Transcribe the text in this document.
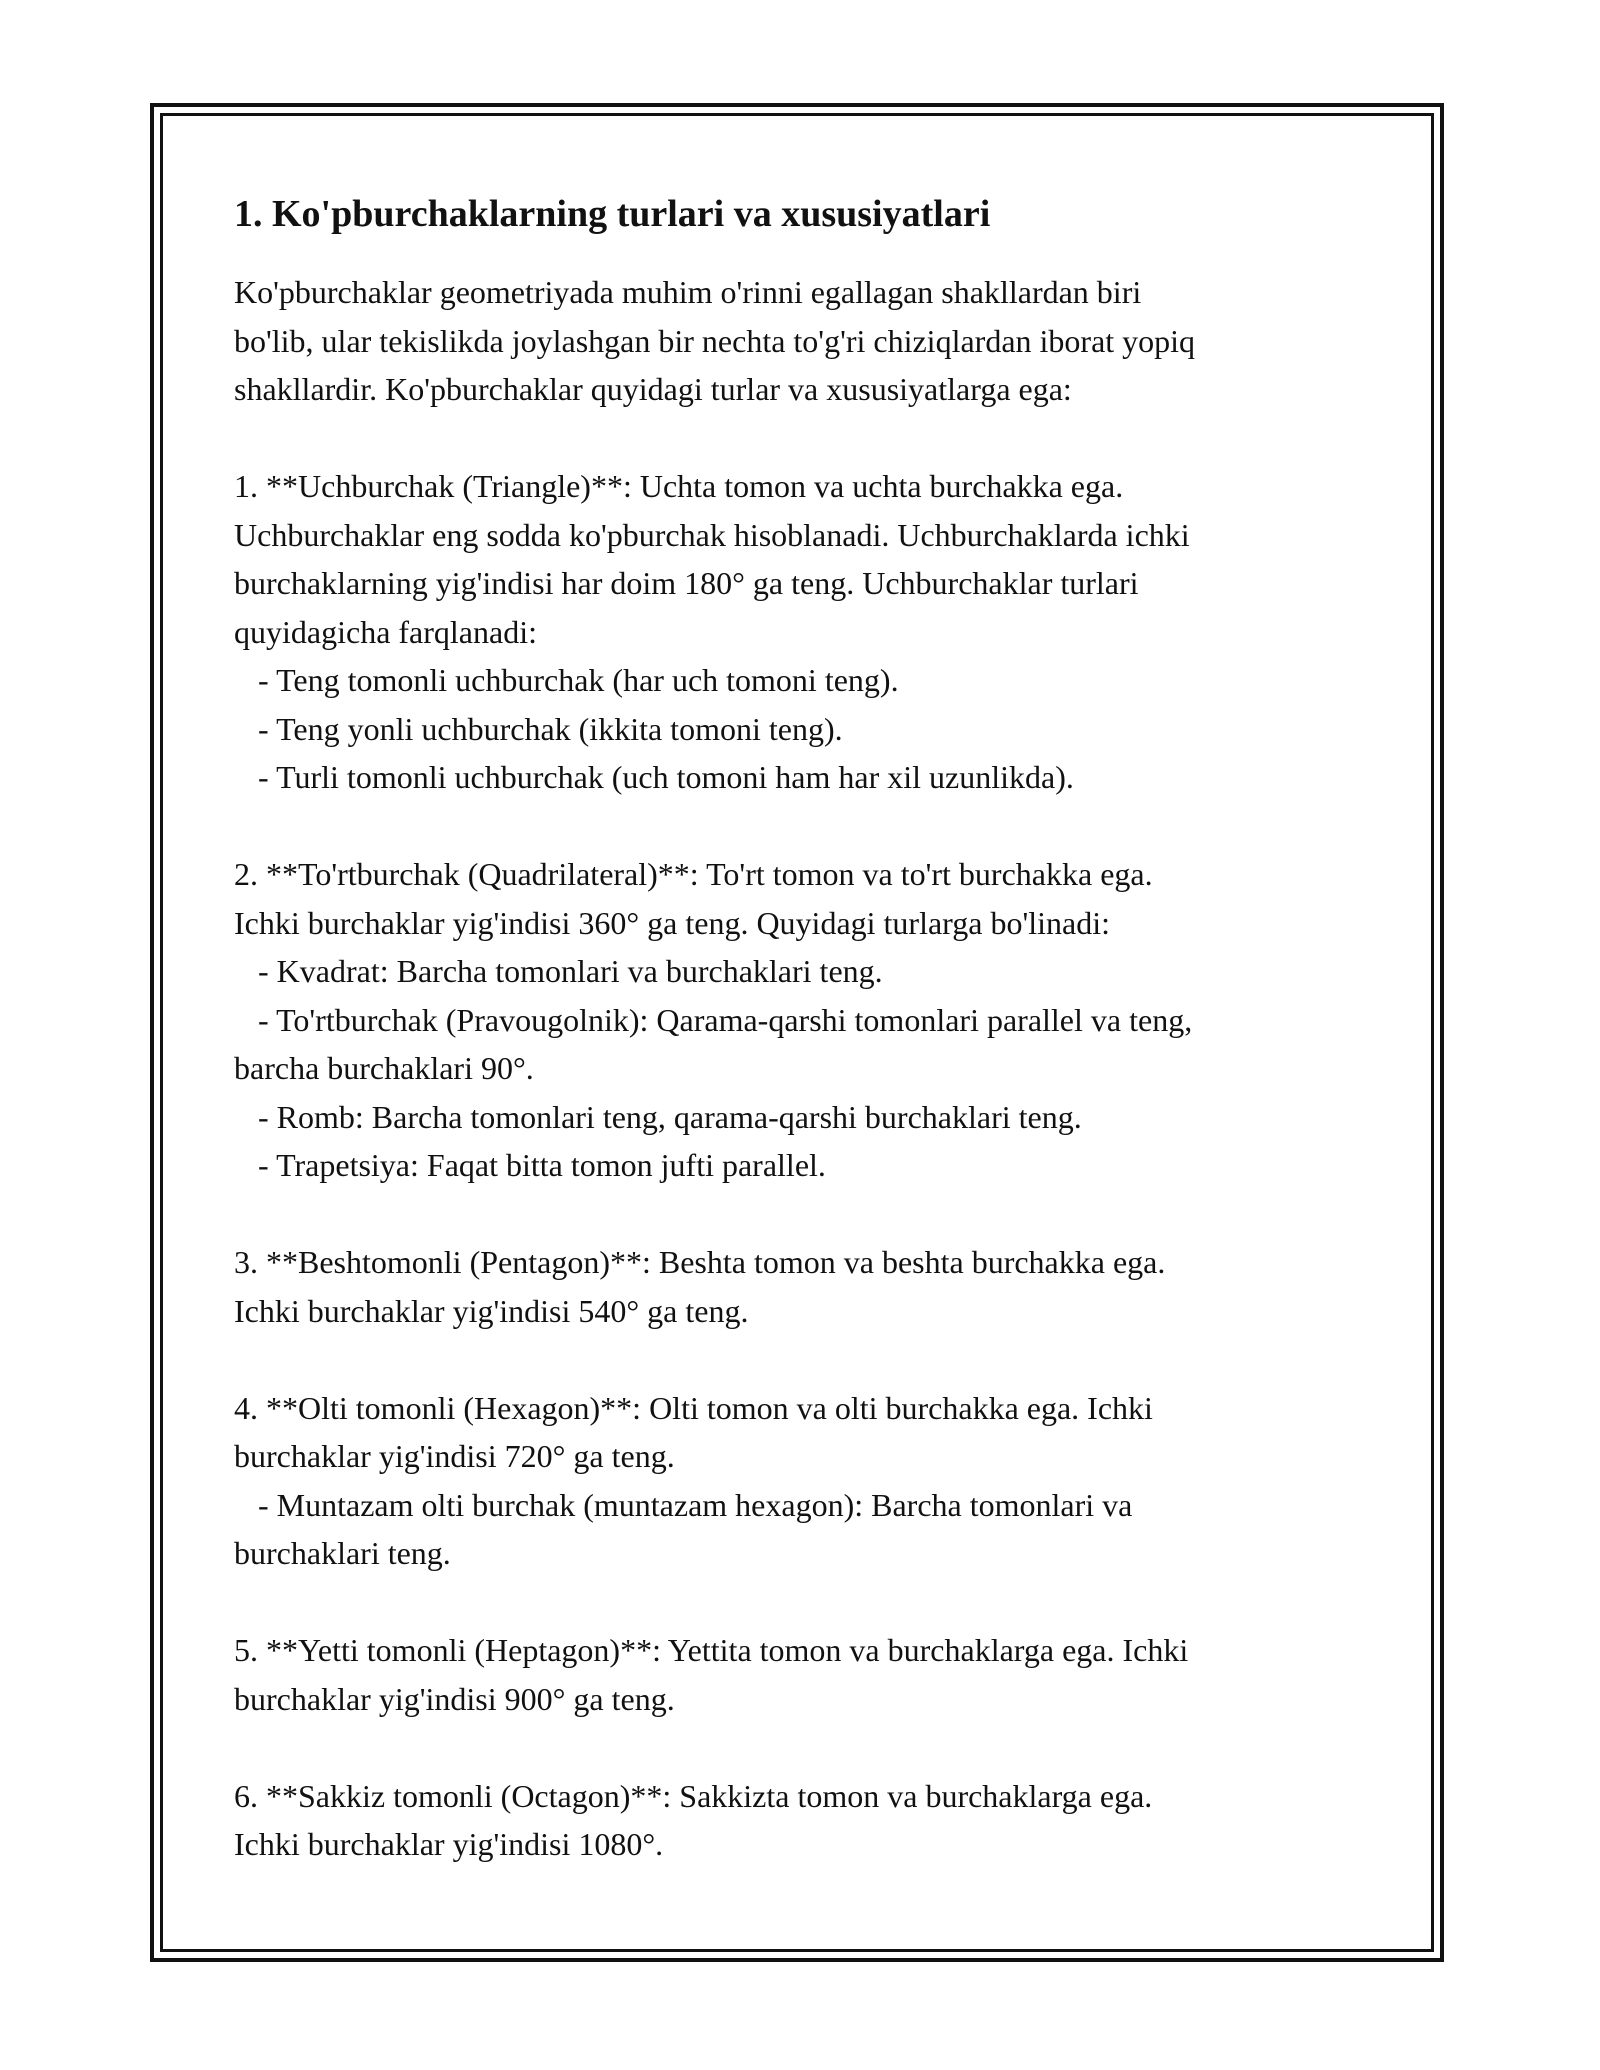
1. Ko'pburchaklarning turlari va xususiyatlari
Ko'pburchaklar geometriyada muhim o'rinni egallagan shakllardan biri
bo'lib, ular tekislikda joylashgan bir nechta to'g'ri chiziqlardan iborat yopiq
shakllardir. Ko'pburchaklar quyidagi turlar va xususiyatlarga ega:
1. **Uchburchak (Triangle)**: Uchta tomon va uchta burchakka ega.
Uchburchaklar eng sodda ko'pburchak hisoblanadi. Uchburchaklarda ichki
burchaklarning yig'indisi har doim 180° ga teng. Uchburchaklar turlari
quyidagicha farqlanadi:
- Teng tomonli uchburchak (har uch tomoni teng).
- Teng yonli uchburchak (ikkita tomoni teng).
- Turli tomonli uchburchak (uch tomoni ham har xil uzunlikda).
2. **To'rtburchak (Quadrilateral)**: To'rt tomon va to'rt burchakka ega.
Ichki burchaklar yig'indisi 360° ga teng. Quyidagi turlarga bo'linadi:
- Kvadrat: Barcha tomonlari va burchaklari teng.
- To'rtburchak (Pravougolnik): Qarama-qarshi tomonlari parallel va teng,
barcha burchaklari 90°.
- Romb: Barcha tomonlari teng, qarama-qarshi burchaklari teng.
- Trapetsiya: Faqat bitta tomon jufti parallel.
3. **Beshtomonli (Pentagon)**: Beshta tomon va beshta burchakka ega.
Ichki burchaklar yig'indisi 540° ga teng.
4. **Olti tomonli (Hexagon)**: Olti tomon va olti burchakka ega. Ichki
burchaklar yig'indisi 720° ga teng.
- Muntazam olti burchak (muntazam hexagon): Barcha tomonlari va
burchaklari teng.
5. **Yetti tomonli (Heptagon)**: Yettita tomon va burchaklarga ega. Ichki
burchaklar yig'indisi 900° ga teng.
6. **Sakkiz tomonli (Octagon)**: Sakkizta tomon va burchaklarga ega.
Ichki burchaklar yig'indisi 1080°.
